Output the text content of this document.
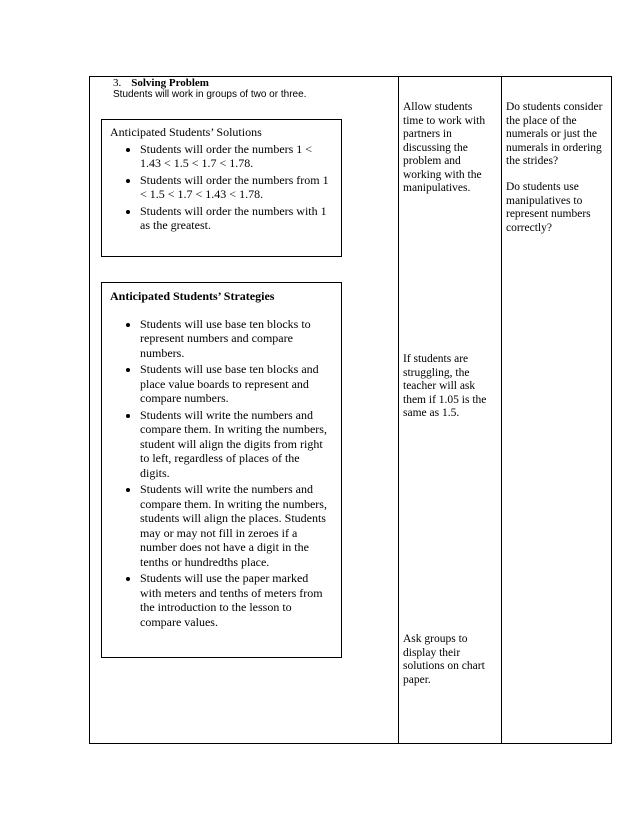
3. Solving Problem
Students will work in groups of two or three.
Anticipated Students’ Solutions
• Students will order the numbers 1 < 1.43 < 1.5 < 1.7 < 1.78.
• Students will order the numbers from 1 < 1.5 < 1.7 < 1.43 < 1.78.
• Students will order the numbers with 1 as the greatest.
Anticipated Students’ Strategies
• Students will use base ten blocks to represent numbers and compare numbers.
• Students will use base ten blocks and place value boards to represent and compare numbers.
• Students will write the numbers and compare them. In writing the numbers, student will align the digits from right to left, regardless of places of the digits.
• Students will write the numbers and compare them. In writing the numbers, students will align the places. Students may or may not fill in zeroes if a number does not have a digit in the tenths or hundredths place.
• Students will use the paper marked with meters and tenths of meters from the introduction to the lesson to compare values.
Allow students time to work with partners in discussing the problem and working with the manipulatives.
If students are struggling, the teacher will ask them if 1.05 is the same as 1.5.
Ask groups to display their solutions on chart paper.
Do students consider the place of the numerals or just the numerals in ordering the strides?
Do students use manipulatives to represent numbers correctly?
